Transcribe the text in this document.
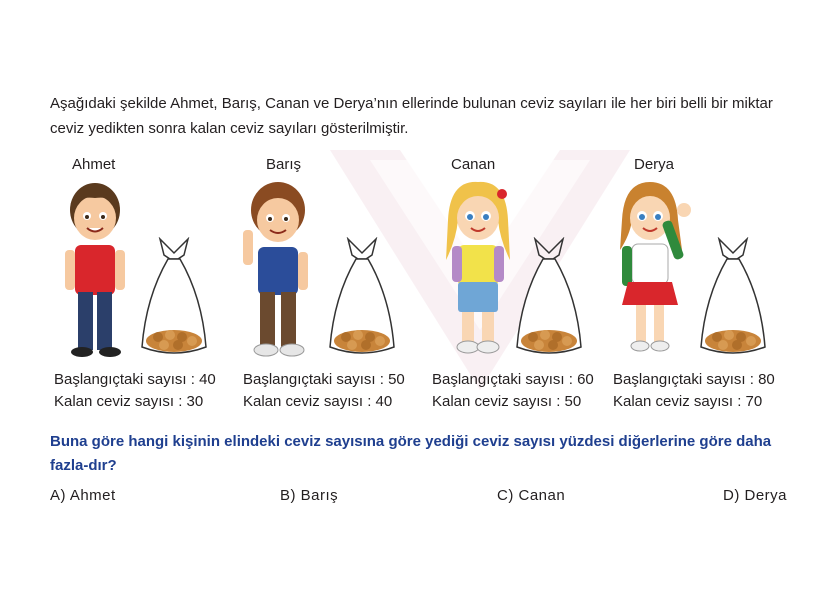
Aşağıdaki şekilde Ahmet, Barış, Canan ve Derya’nın ellerinde bulunan ceviz sayıları ile her biri belli bir miktar ceviz yedikten sonra kalan ceviz sayıları gösterilmiştir.
Ahmet	Barış	Canan	Derya
Başlangıçtaki sayısı : 40
Kalan ceviz sayısı : 30
Başlangıçtaki sayısı : 50
Kalan ceviz sayısı : 40
Başlangıçtaki sayısı : 60
Kalan ceviz sayısı : 50
Başlangıçtaki sayısı : 80
Kalan ceviz sayısı : 70
Buna göre hangi kişinin elindeki ceviz sayısına göre yediği ceviz sayısı yüzdesi diğerlerine göre daha fazla-dır?
A) Ahmet	B) Barış	C) Canan	D) Derya
